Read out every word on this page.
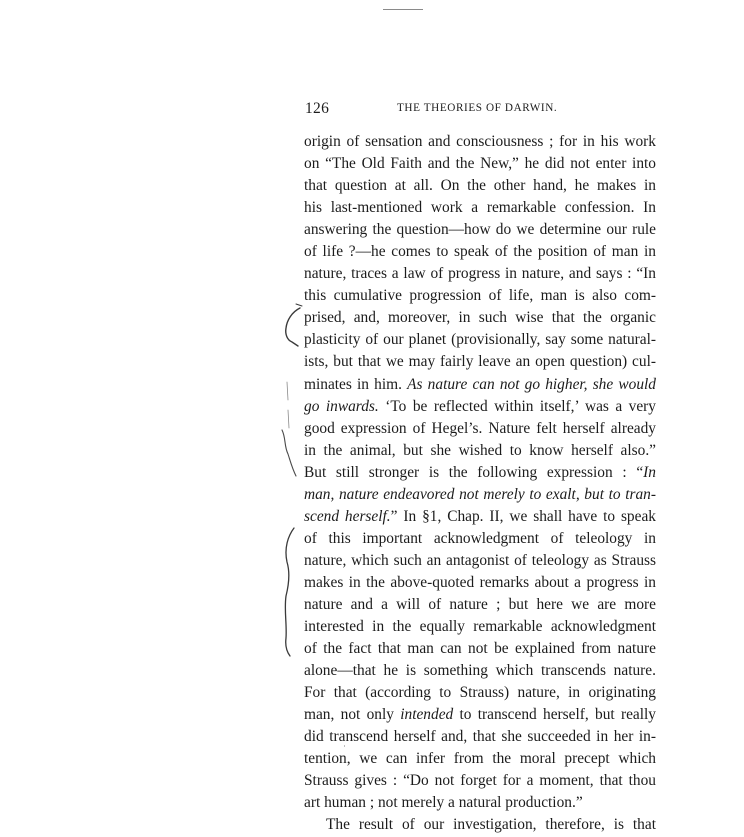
126	THE THEORIES OF DARWIN.
origin of sensation and consciousness ; for in his work
on “The Old Faith and the New,” he did not enter into
that question at all. On the other hand, he makes in
his last-mentioned work a remarkable confession. In
answering the question—how do we determine our rule
of life ?—he comes to speak of the position of man in
nature, traces a law of progress in nature, and says : “In
this cumulative progression of life, man is also com-
prised, and, moreover, in such wise that the organic
plasticity of our planet (provisionally, say some natural-
ists, but that we may fairly leave an open question) cul-
minates in him. As nature can not go higher, she would
go inwards. ‘To be reflected within itself,’ was a very
good expression of Hegel’s. Nature felt herself already
in the animal, but she wished to know herself also.”
But still stronger is the following expression : “In
man, nature endeavored not merely to exalt, but to tran-
scend herself.” In §1, Chap. II, we shall have to speak
of this important acknowledgment of teleology in
nature, which such an antagonist of teleology as Strauss
makes in the above-quoted remarks about a progress in
nature and a will of nature ; but here we are more
interested in the equally remarkable acknowledgment
of the fact that man can not be explained from nature
alone—that he is something which transcends nature.
For that (according to Strauss) nature, in originating
man, not only intended to transcend herself, but really
did transcend herself and, that she succeeded in her in-
tention, we can infer from the moral precept which
Strauss gives : “Do not forget for a moment, that thou
art human ; not merely a natural production.”
The result of our investigation, therefore, is that
